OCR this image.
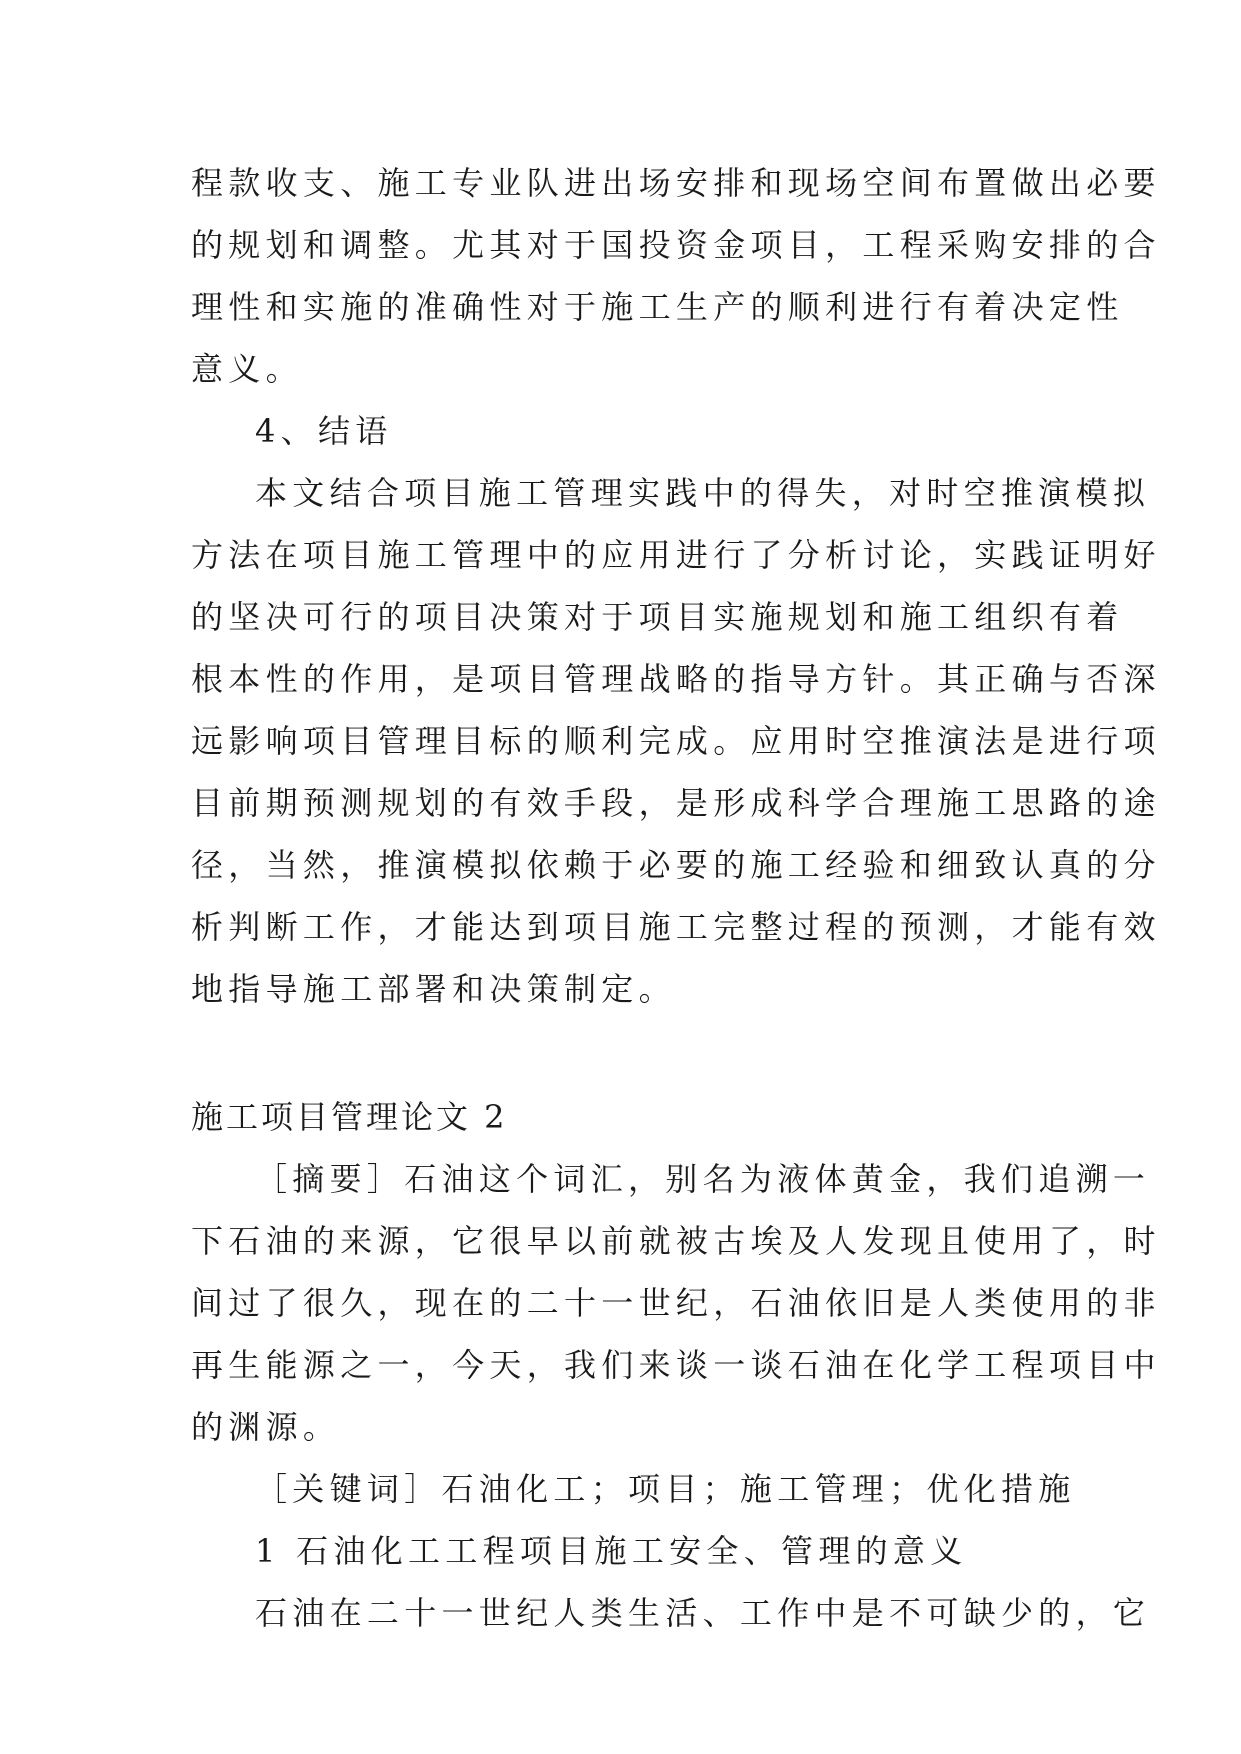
程款收支、施工专业队进出场安排和现场空间布置做出必要
的规划和调整。尤其对于国投资金项目，工程采购安排的合
理性和实施的准确性对于施工生产的顺利进行有着决定性
意义。
4、结语
本文结合项目施工管理实践中的得失，对时空推演模拟
方法在项目施工管理中的应用进行了分析讨论，实践证明好
的坚决可行的项目决策对于项目实施规划和施工组织有着
根本性的作用，是项目管理战略的指导方针。其正确与否深
远影响项目管理目标的顺利完成。应用时空推演法是进行项
目前期预测规划的有效手段，是形成科学合理施工思路的途
径，当然，推演模拟依赖于必要的施工经验和细致认真的分
析判断工作，才能达到项目施工完整过程的预测，才能有效
地指导施工部署和决策制定。
施工项目管理论文 2
［摘要］石油这个词汇，别名为液体黄金，我们追溯一
下石油的来源，它很早以前就被古埃及人发现且使用了，时
间过了很久，现在的二十一世纪，石油依旧是人类使用的非
再生能源之一，今天，我们来谈一谈石油在化学工程项目中
的渊源。
［关键词］石油化工；项目；施工管理；优化措施
1 石油化工工程项目施工安全、管理的意义
石油在二十一世纪人类生活、工作中是不可缺少的，它
